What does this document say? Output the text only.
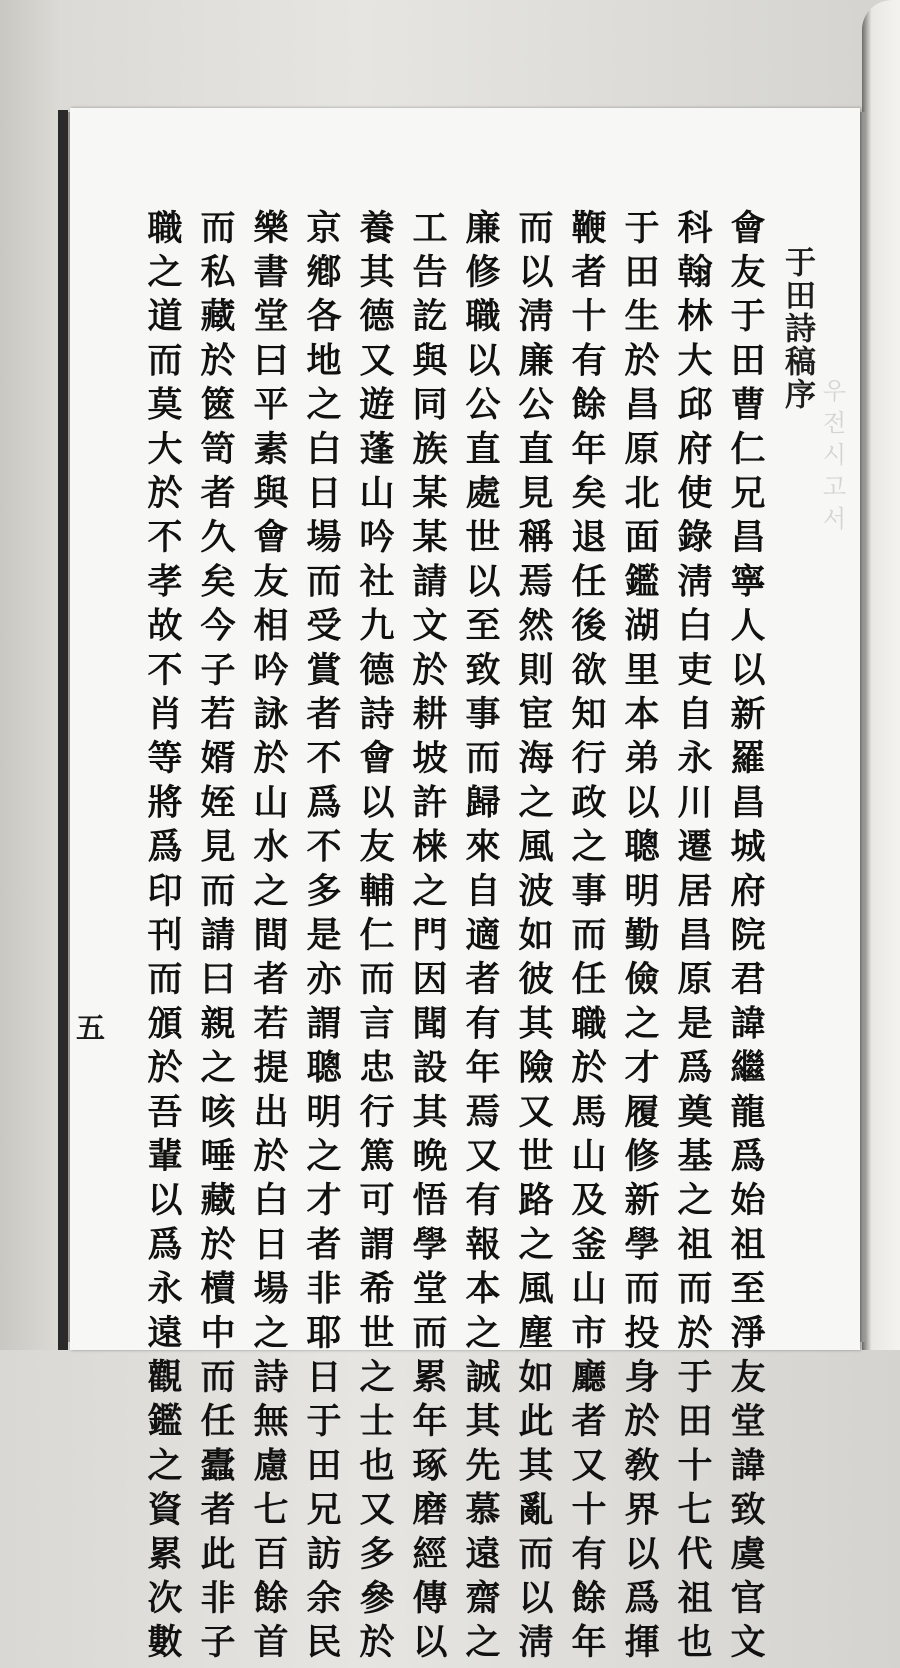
우전시고서
于田詩稿序
會友于田曹仁兄昌寧人以新羅昌城府院君諱繼龍爲始祖至淨友堂諱致虞官文
科翰林大邱府使錄淸白吏自永川遷居昌原是爲奠基之祖而於于田十七代祖也
于田生於昌原北面鑑湖里本弟以聰明勤儉之才履修新學而投身於敎界以爲揮
鞭者十有餘年矣退任後欲知行政之事而任職於馬山及釜山市廳者又十有餘年
而以淸廉公直見稱焉然則宦海之風波如彼其險又世路之風塵如此其亂而以淸
廉修職以公直處世以至致事而歸來自適者有年焉又有報本之誠其先慕遠齋之
工告訖與同族某某請文於耕坡許梾之門因聞設其晩悟學堂而累年琢磨經傳以
養其德又遊蓬山吟社九德詩會以友輔仁而言忠行篤可謂希世之士也又多參於
京鄕各地之白日場而受賞者不爲不多是亦謂聰明之才者非耶日于田兄訪余民
樂書堂曰平素與會友相吟詠於山水之間者若提出於白日場之詩無慮七百餘首
而私藏於篋笥者久矣今子若婿姪見而請曰親之咳唾藏於櫝中而任蠹者此非子
職之道而莫大於不孝故不肖等將爲印刊而頒於吾輩以爲永遠觀鑑之資累次數
五
